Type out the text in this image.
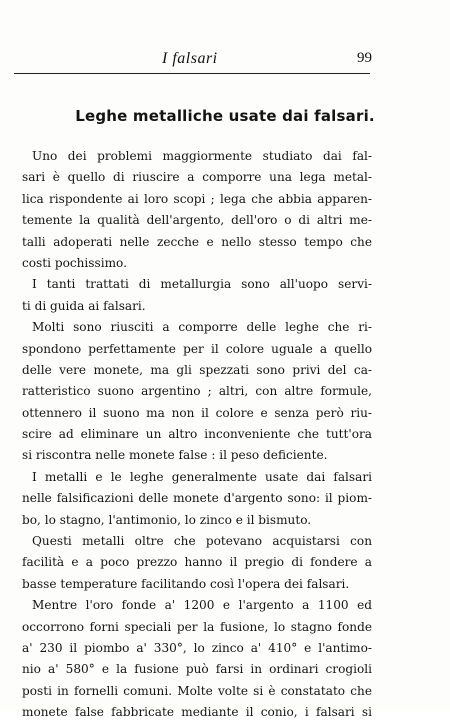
I falsari	99
Leghe metalliche usate dai falsari.
Uno dei problemi maggiormente studiato dai fal-
sari è quello di riuscire a comporre una lega metal-
lica rispondente ai loro scopi ; lega che abbia apparen-
temente la qualità dell'argento, dell'oro o di altri me-
talli adoperati nelle zecche e nello stesso tempo che
costi pochissimo.
I tanti trattati di metallurgia sono all'uopo servi-
ti di guida ai falsari.
Molti sono riusciti a comporre delle leghe che ri-
spondono perfettamente per il colore uguale a quello
delle vere monete, ma gli spezzati sono privi del ca-
ratteristico suono argentino ; altri, con altre formule,
ottennero il suono ma non il colore e senza però riu-
scire ad eliminare un altro inconveniente che tutt'ora
si riscontra nelle monete false : il peso deficiente.
I metalli e le leghe generalmente usate dai falsari
nelle falsificazioni delle monete d'argento sono: il piom-
bo, lo stagno, l'antimonio, lo zinco e il bismuto.
Questi metalli oltre che potevano acquistarsi con
facilità e a poco prezzo hanno il pregio di fondere a
basse temperature facilitando così l'opera dei falsari.
Mentre l'oro fonde a' 1200 e l'argento a 1100 ed
occorrono forni speciali per la fusione, lo stagno fonde
a' 230 il piombo a' 330°, lo zinco a' 410° e l'antimo-
nio a' 580° e la fusione può farsi in ordinari crogioli
posti in fornelli comuni. Molte volte si è constatato che
monete false fabbricate mediante il conio, i falsari si
